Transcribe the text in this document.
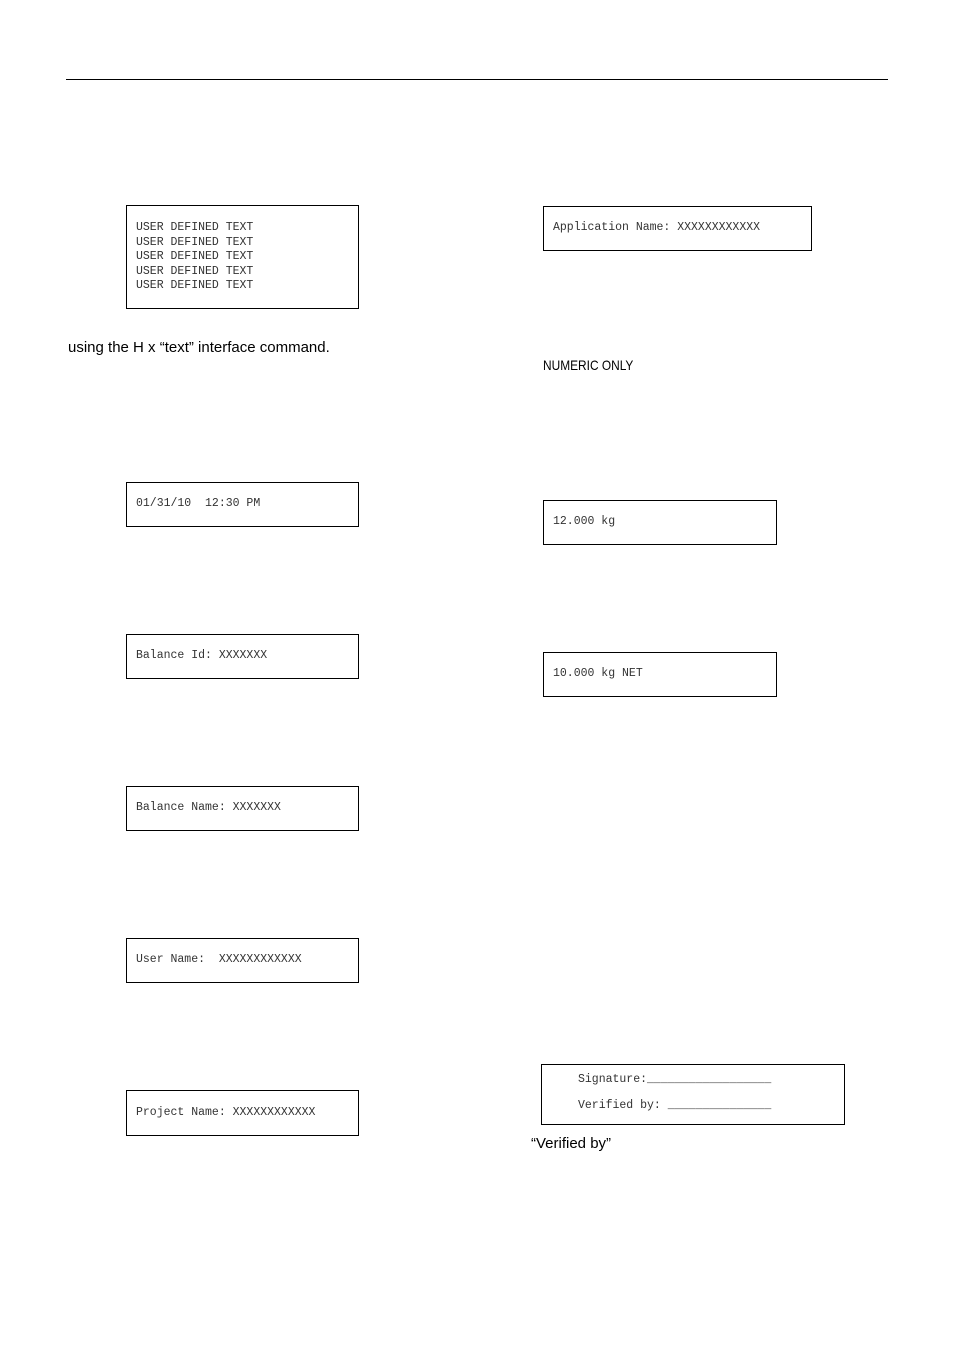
USER DEFINED TEXT
USER DEFINED TEXT
USER DEFINED TEXT
USER DEFINED TEXT
USER DEFINED TEXT
using the H x “text” interface command.
01/31/10  12:30 PM
Balance Id: XXXXXXX
Balance Name: XXXXXXX
User Name:  XXXXXXXXXXXX
Project Name: XXXXXXXXXXXX
Application Name: XXXXXXXXXXXX
NUMERIC ONLY
12.000 kg
10.000 kg NET
Signature:__________________
Verified by: _______________
“Verified by”
